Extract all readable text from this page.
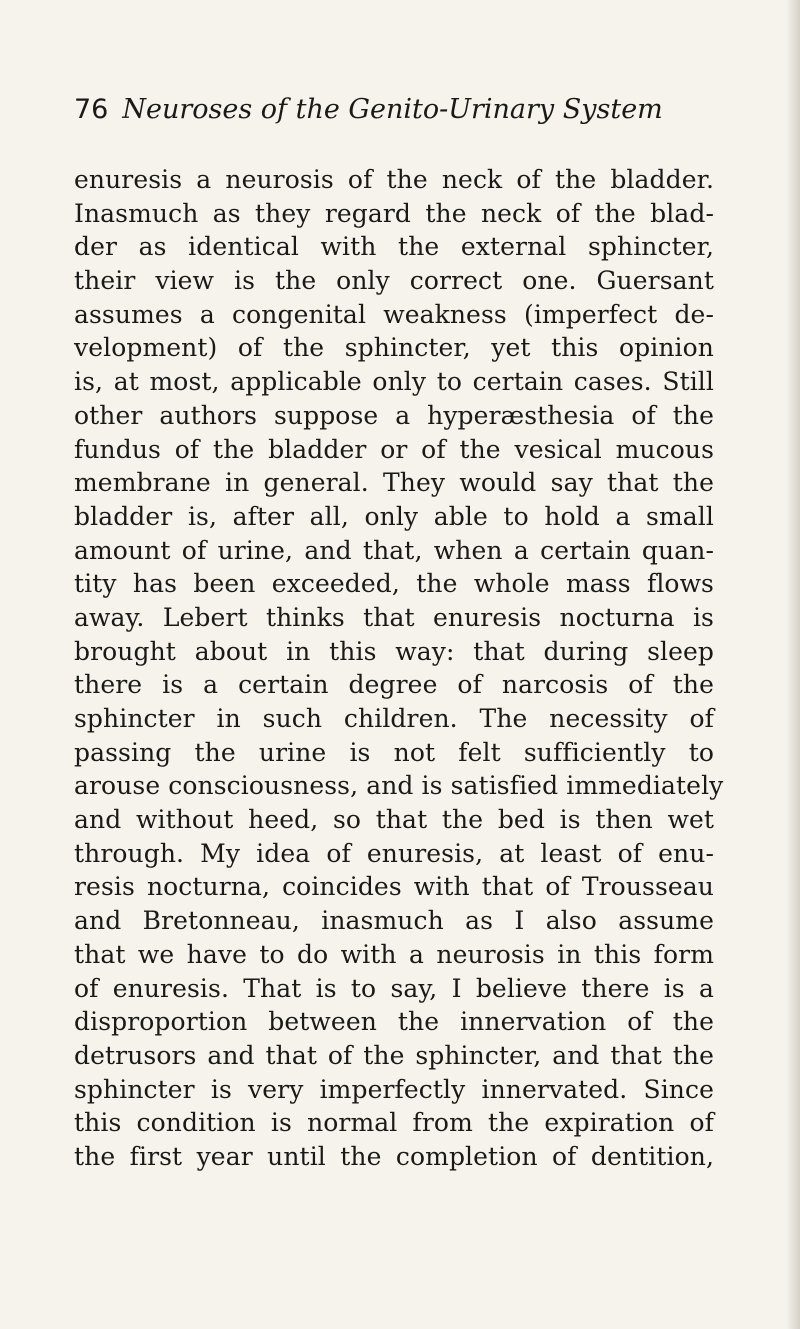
76 Neuroses of the Genito-Urinary System
enuresis a neurosis of the neck of the bladder.
Inasmuch as they regard the neck of the blad-
der as identical with the external sphincter,
their view is the only correct one. Guersant
assumes a congenital weakness (imperfect de-
velopment) of the sphincter, yet this opinion
is, at most, applicable only to certain cases. Still
other authors suppose a hyperæsthesia of the
fundus of the bladder or of the vesical mucous
membrane in general. They would say that the
bladder is, after all, only able to hold a small
amount of urine, and that, when a certain quan-
tity has been exceeded, the whole mass flows
away. Lebert thinks that enuresis nocturna is
brought about in this way: that during sleep
there is a certain degree of narcosis of the
sphincter in such children. The necessity of
passing the urine is not felt sufficiently to
arouse consciousness, and is satisfied immediately
and without heed, so that the bed is then wet
through. My idea of enuresis, at least of enu-
resis nocturna, coincides with that of Trousseau
and Bretonneau, inasmuch as I also assume
that we have to do with a neurosis in this form
of enuresis. That is to say, I believe there is a
disproportion between the innervation of the
detrusors and that of the sphincter, and that the
sphincter is very imperfectly innervated. Since
this condition is normal from the expiration of
the first year until the completion of dentition,
